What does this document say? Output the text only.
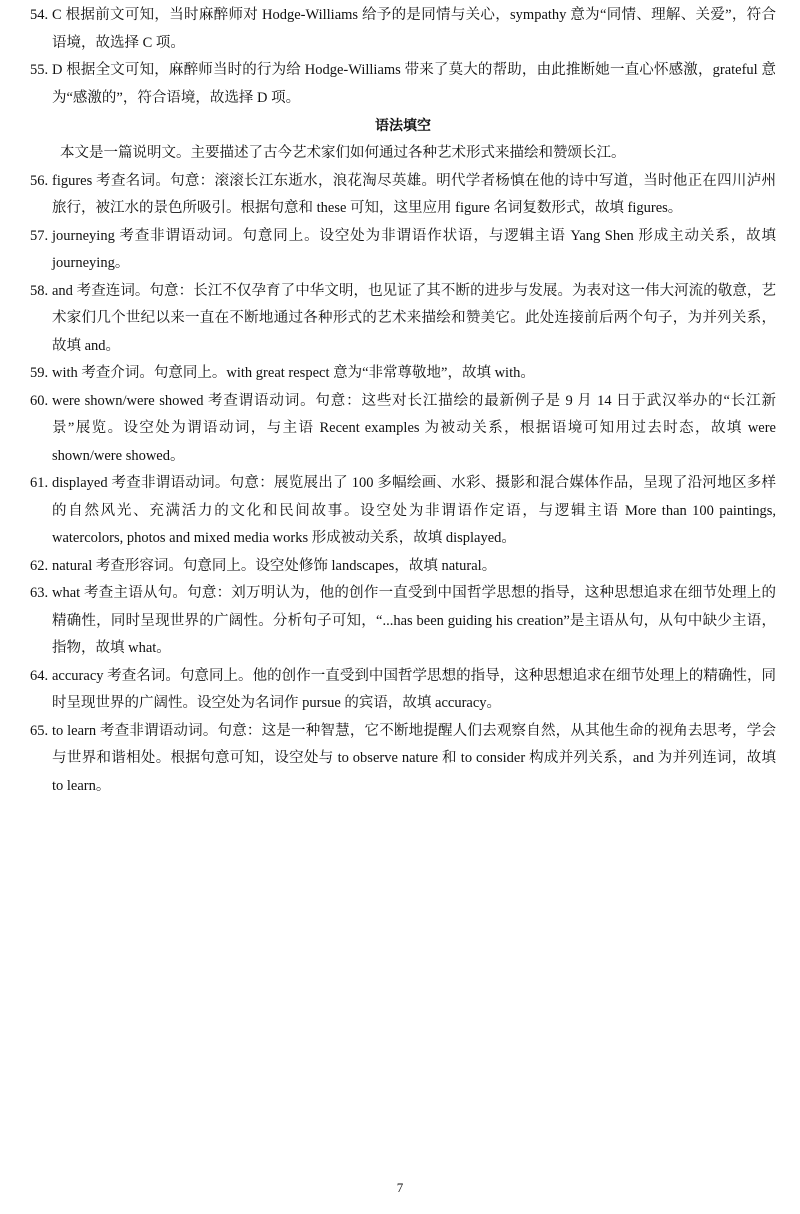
54. C 根据前文可知，当时麻醉师对 Hodge-Williams 给予的是同情与关心，sympathy 意为“同情、理解、关爱”，符合语境，故选择 C 项。
55. D 根据全文可知，麻醉师当时的行为给 Hodge-Williams 带来了莫大的帮助，由此推断她一直心怀感激，grateful 意为“感激的”，符合语境，故选择 D 项。
语法填空
本文是一篇说明文。主要描述了古今艺术家们如何通过各种艺术形式来描绘和赞颂长江。
56. figures 考查名词。句意：滚滚长江东逝水，浪花淘尽英雄。明代学者杨慎在他的诗中写道，当时他正在四川泸州旅行，被江水的景色所吸引。根据句意和 these 可知，这里应用 figure 名词复数形式，故填 figures。
57. journeying 考查非谓语动词。句意同上。设空处为非谓语作状语，与逻辑主语 Yang Shen 形成主动关系，故填 journeying。
58. and 考查连词。句意：长江不仅孕育了中华文明，也见证了其不断的进步与发展。为表对这一伟大河流的敬意，艺术家们几个世纪以来一直在不断地通过各种形式的艺术来描绘和赞美它。此处连接前后两个句子，为并列关系，故填 and。
59. with 考查介词。句意同上。with great respect 意为“非常尊敬地”，故填 with。
60. were shown/were showed 考查谓语动词。句意：这些对长江描绘的最新例子是 9 月 14 日于武汉举办的“长江新景”展览。设空处为谓语动词，与主语 Recent examples 为被动关系，根据语境可知用过去时态，故填 were shown/were showed。
61. displayed 考查非谓语动词。句意：展览展出了 100 多幅绘画、水彩、摄影和混合媒体作品，呈现了沿河地区多样的自然风光、充满活力的文化和民间故事。设空处为非谓语作定语，与逻辑主语 More than 100 paintings, watercolors, photos and mixed media works 形成被动关系，故填 displayed。
62. natural 考查形容词。句意同上。设空处修饰 landscapes，故填 natural。
63. what 考查主语从句。句意：刘万明认为，他的创作一直受到中国哲学思想的指导，这种思想追求在细节处理上的精确性，同时呈现世界的广阔性。分析句子可知，“...has been guiding his creation”是主语从句，从句中缺少主语，指物，故填 what。
64. accuracy 考查名词。句意同上。他的创作一直受到中国哲学思想的指导，这种思想追求在细节处理上的精确性，同时呈现世界的广阔性。设空处为名词作 pursue 的宾语，故填 accuracy。
65. to learn 考查非谓语动词。句意：这是一种智慧，它不断地提醒人们去观察自然，从其他生命的视角去思考，学会与世界和谐相处。根据句意可知，设空处与 to observe nature 和 to consider 构成并列关系，and 为并列连词，故填 to learn。
7
